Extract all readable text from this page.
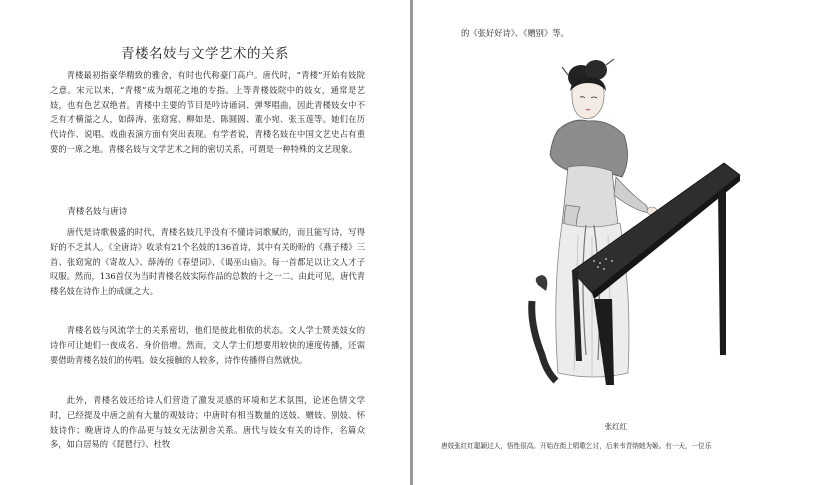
青楼名妓与文学艺术的关系

青楼最初指豪华精致的雅舍，有时也代称豪门高户。唐代时，“青楼”开始有妓院之意。宋元以来，“青楼”成为烟花之地的专指。上等青楼妓院中的妓女，通常是艺妓，也有色艺双绝者。青楼中主要的节目是吟诗诵词、弹琴唱曲，因此青楼妓女中不乏有才横溢之人，如薛涛、张窈窕、柳如是、陈圆圆、董小宛、张玉莲等。她们在历代诗作、说唱、戏曲表演方面有突出表现。有学者说，青楼名妓在中国文艺史占有重要的一席之地。青楼名妓与文学艺术之间的密切关系，可谓是一种特殊的文艺现象。

青楼名妓与唐诗

唐代是诗歌极盛的时代，青楼名妓几乎没有不懂诗词歌赋的，而且能写诗，写得好的不乏其人。《全唐诗》收录有21个名妓的136首诗，其中有关盼盼的《燕子楼》三首、张窈窕的《寄故人》、薛涛的《春望词》、《谒巫山庙》。每一首都足以让文人才子叹服。然而，136首仅为当时青楼名妓实际作品的总数的十之一二。由此可见，唐代青楼名妓在诗作上的成就之大。

青楼名妓与风流学士的关系密切，他们是彼此相依的状态。文人学士赞美妓女的诗作可让她们一夜成名、身价倍增。然而，文人学士们想要用较快的速度传播，还需要借助青楼名妓们的传唱。妓女接触的人较多，诗作传播得自然就快。

此外，青楼名妓还给诗人们营造了激发灵感的环境和艺术氛围，论述色情文学时，已经提及中唐之前有大量的观妓诗；中唐时有相当数量的送妓、赠妓、别妓、怀妓诗作；晚唐诗人的作品更与妓女无法割舍关系。唐代与妓女有关的诗作，名篇众多，如白居易的《琵琶行》、杜牧

的《张好好诗》、《赠别》等。

张红红

唐妓张红红聪颖过人，悟性很高。开始在街上唱歌乞讨，后来韦青纳她为姬。有一天，一位乐
